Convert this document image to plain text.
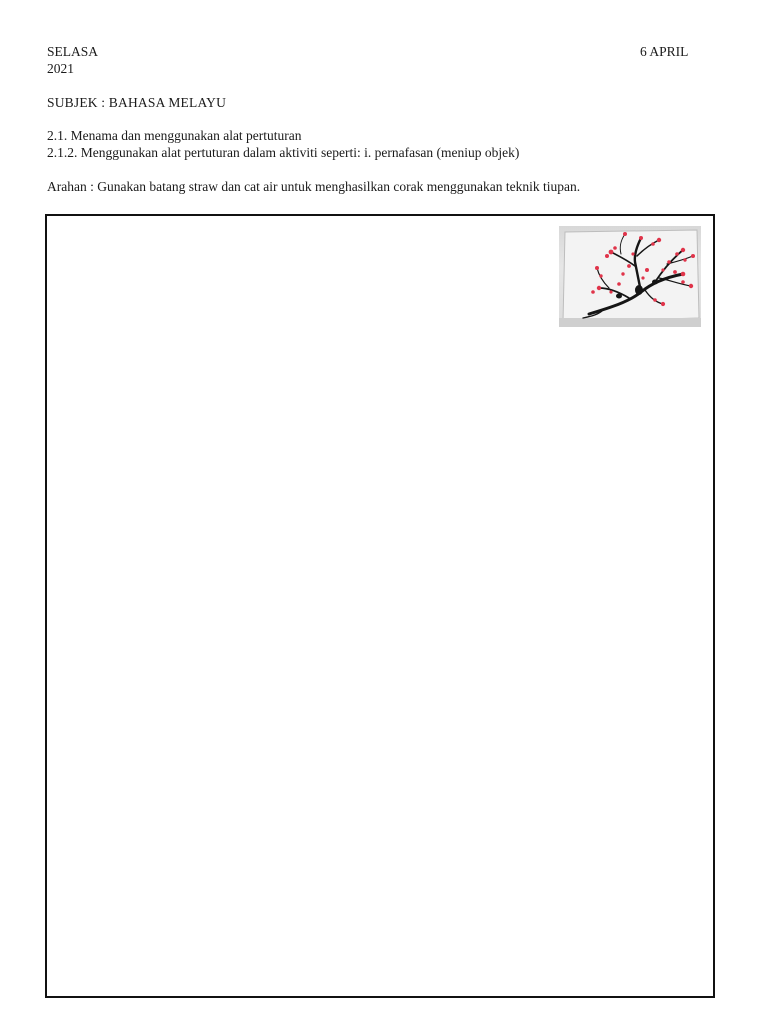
SELASA	6 APRIL
2021
SUBJEK : BAHASA MELAYU
2.1. Menama dan menggunakan alat pertuturan
2.1.2. Menggunakan alat pertuturan dalam aktiviti seperti: i. pernafasan (meniup objek)
Arahan : Gunakan batang straw dan cat air untuk menghasilkan corak menggunakan teknik tiupan.
